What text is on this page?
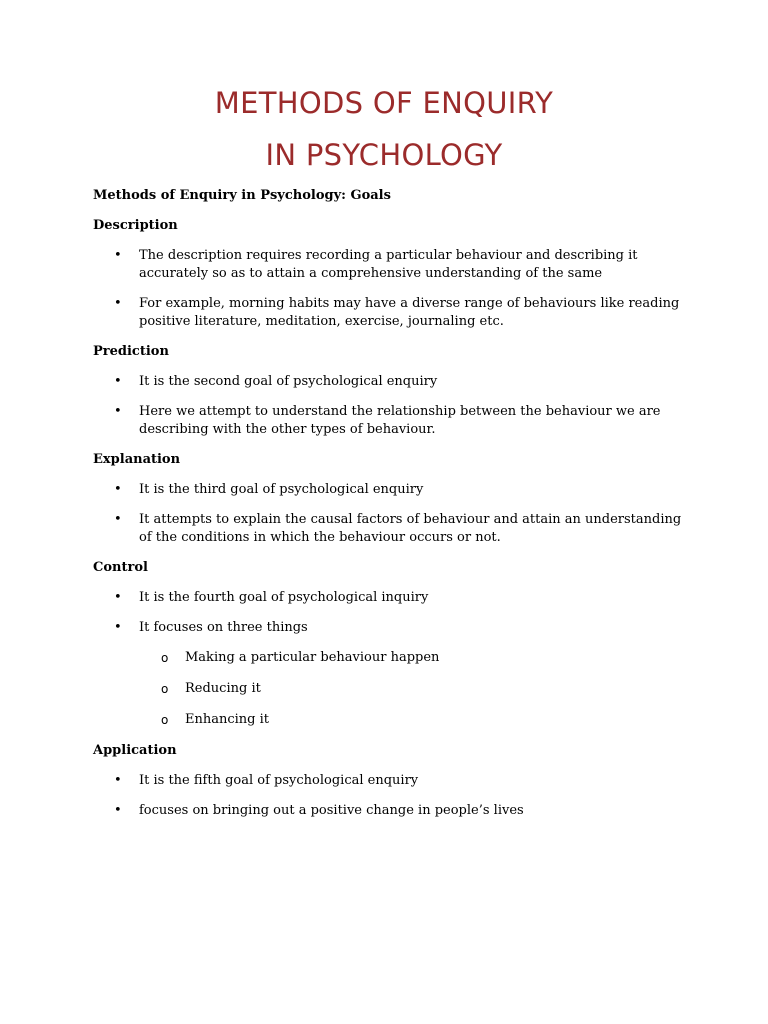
METHODS OF ENQUIRY
IN PSYCHOLOGY
Methods of Enquiry in Psychology: Goals
Description
• The description requires recording a particular behaviour and describing it accurately so as to attain a comprehensive understanding of the same
• For example, morning habits may have a diverse range of behaviours like reading positive literature, meditation, exercise, journaling etc.
Prediction
• It is the second goal of psychological enquiry
• Here we attempt to understand the relationship between the behaviour we are describing with the other types of behaviour.
Explanation
• It is the third goal of psychological enquiry
• It attempts to explain the causal factors of behaviour and attain an understanding of the conditions in which the behaviour occurs or not.
Control
• It is the fourth goal of psychological inquiry
• It focuses on three things
o Making a particular behaviour happen
o Reducing it
o Enhancing it
Application
• It is the fifth goal of psychological enquiry
• focuses on bringing out a positive change in people’s lives
